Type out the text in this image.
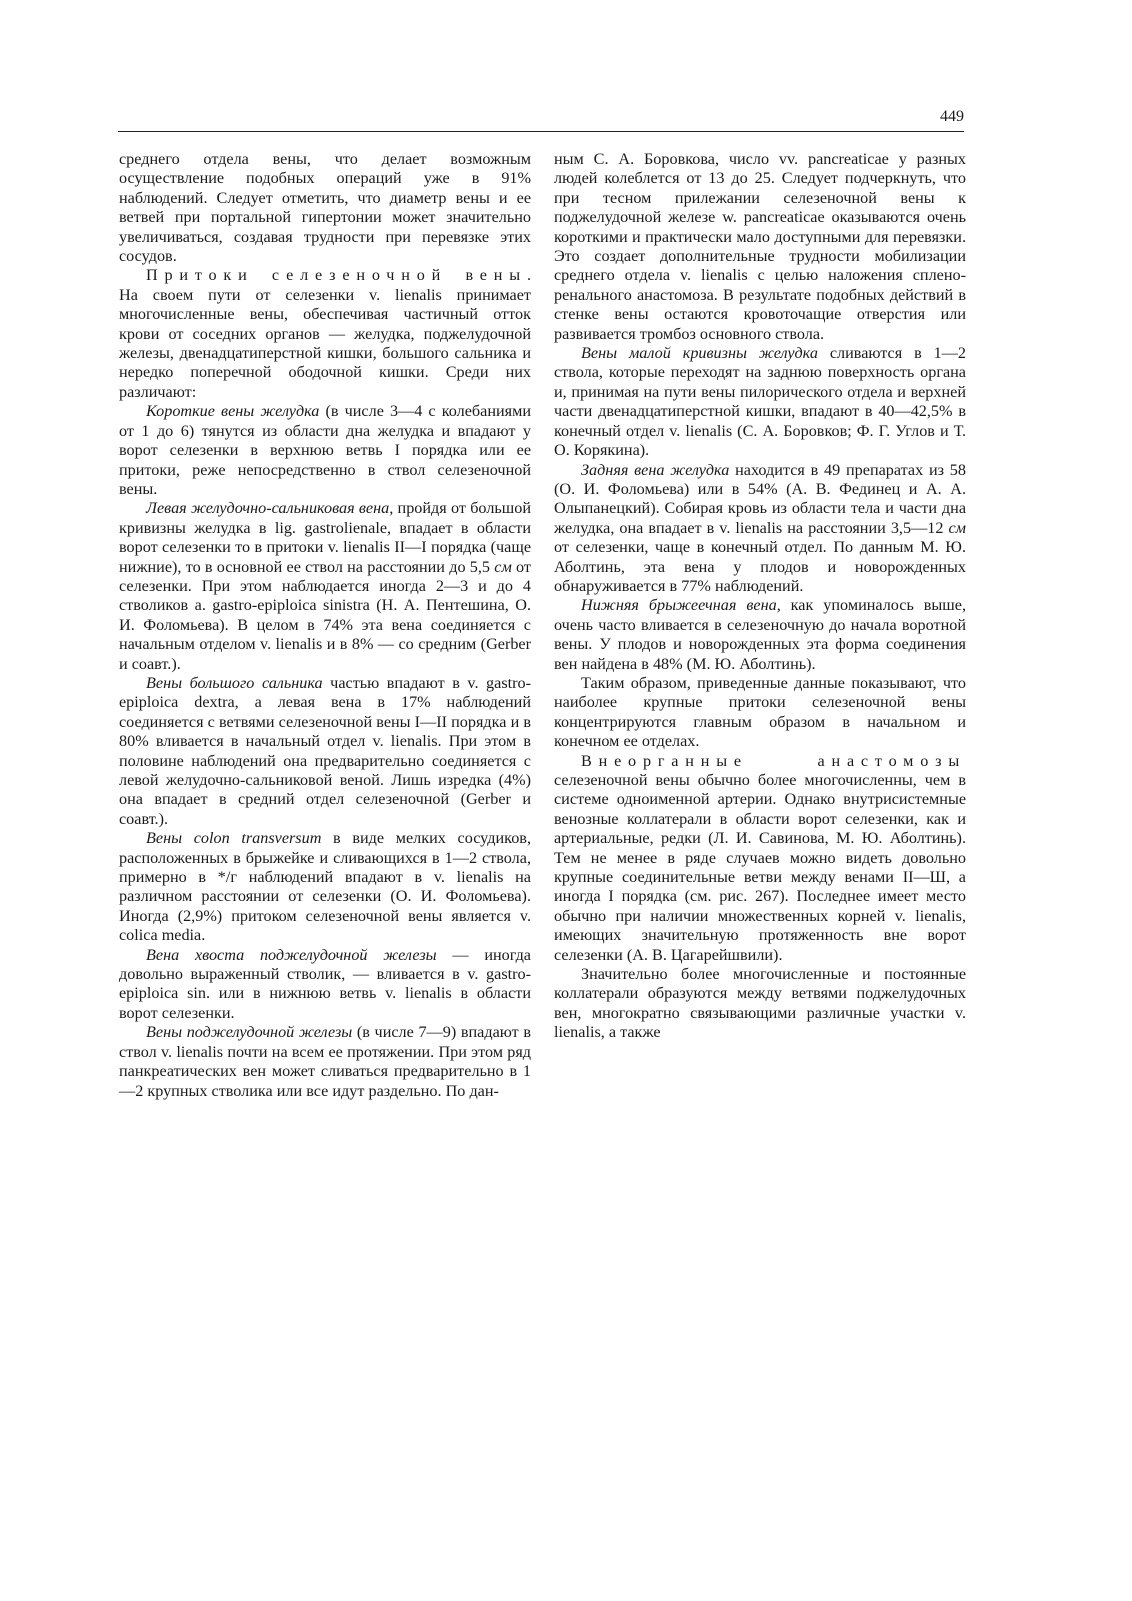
449

среднего отдела вены, что делает возможным осуществление подобных операций уже в 91% наблюдений. Следует отметить, что диаметр вены и ее ветвей при портальной гипертонии может значительно увеличиваться, создавая трудности при перевязке этих сосудов.

Притоки селезеночной вены. На своем пути от селезенки v. lienalis принимает многочисленные вены, обеспечивая частичный отток крови от соседних органов — желудка, поджелудочной железы, двенадцатиперстной кишки, большого сальника и нередко поперечной ободочной кишки. Среди них различают:

Короткие вены желудка (в числе 3—4 с колебаниями от 1 до 6) тянутся из области дна желудка и впадают у ворот селезенки в верхнюю ветвь I порядка или ее притоки, реже непосредственно в ствол селезеночной вены.

Левая желудочно-сальниковая вена, пройдя от большой кривизны желудка в lig. gastrolienale, впадает в области ворот селезенки то в притоки v. lienalis II—I порядка (чаще нижние), то в основной ее ствол на расстоянии до 5,5 см от селезенки. При этом наблюдается иногда 2—3 и до 4 стволиков a. gastro-epiploica sinistra (Н. А. Пентешина, О. И. Фоломьева). В целом в 74% эта вена соединяется с начальным отделом v. lienalis и в 8% — со средним (Gerber и соавт.).

Вены большого сальника частью впадают в v. gastro-epiploica dextra, а левая вена в 17% наблюдений соединяется с ветвями селезеночной вены I—II порядка и в 80% вливается в начальный отдел v. lienalis. При этом в половине наблюдений она предварительно соединяется с левой желудочно-сальниковой веной. Лишь изредка (4%) она впадает в средний отдел селезеночной (Gerber и соавт.).

Вены colon transversum в виде мелких сосудиков, расположенных в брыжейке и сливающихся в 1—2 ствола, примерно в */г наблюдений впадают в v. lienalis на различном расстоянии от селезенки (О. И. Фоломьева). Иногда (2,9%) притоком селезеночной вены является v. colica media.

Вена хвоста поджелудочной железы — иногда довольно выраженный стволик, — вливается в v. gastro-epiploica sin. или в нижнюю ветвь v. lienalis в области ворот селезенки.

Вены поджелудочной железы (в числе 7—9) впадают в ствол v. lienalis почти на всем ее протяжении. При этом ряд панкреатических вен может сливаться предварительно в 1—2 крупных стволика или все идут раздельно. По дан-

ным С. А. Боровкова, число vv. pancreaticae у разных людей колеблется от 13 до 25. Следует подчеркнуть, что при тесном прилежании селезеночной вены к поджелудочной железе w. pancreaticae оказываются очень короткими и практически мало доступными для перевязки. Это создает дополнительные трудности мобилизации среднего отдела v. lienalis с целью наложения сплено-ренального анастомоза. В результате подобных действий в стенке вены остаются кровоточащие отверстия или развивается тромбоз основного ствола.

Вены малой кривизны желудка сливаются в 1—2 ствола, которые переходят на заднюю поверхность органа и, принимая на пути вены пилорического отдела и верхней части двенадцатиперстной кишки, впадают в 40—42,5% в конечный отдел v. lienalis (С. А. Боровков; Ф. Г. Углов и Т. О. Корякина).

Задняя вена желудка находится в 49 препаратах из 58 (О. И. Фоломьева) или в 54% (А. В. Фединец и А. А. Олыпанецкий). Собирая кровь из области тела и части дна желудка, она впадает в v. lienalis на расстоянии 3,5—12 см от селезенки, чаще в конечный отдел. По данным М. Ю. Аболтинь, эта вена у плодов и новорожденных обнаруживается в 77% наблюдений.

Нижняя брыжеечная вена, как упоминалось выше, очень часто вливается в селезеночную до начала воротной вены. У плодов и новорожденных эта форма соединения вен найдена в 48% (М. Ю. Аболтинь).

Таким образом, приведенные данные показывают, что наиболее крупные притоки селезеночной вены концентрируются главным образом в начальном и конечном ее отделах.

Внеорганные анастомозы селезеночной вены обычно более многочисленны, чем в системе одноименной артерии. Однако внутрисистемные венозные коллатерали в области ворот селезенки, как и артериальные, редки (Л. И. Савинова, М. Ю. Аболтинь). Тем не менее в ряде случаев можно видеть довольно крупные соединительные ветви между венами II—Ш, а иногда I порядка (см. рис. 267). Последнее имеет место обычно при наличии множественных корней v. lienalis, имеющих значительную протяженность вне ворот селезенки (А. В. Цагарейшвили).

Значительно более многочисленные и постоянные коллатерали образуются между ветвями поджелудочных вен, многократно связывающими различные участки v. lienalis, а также
